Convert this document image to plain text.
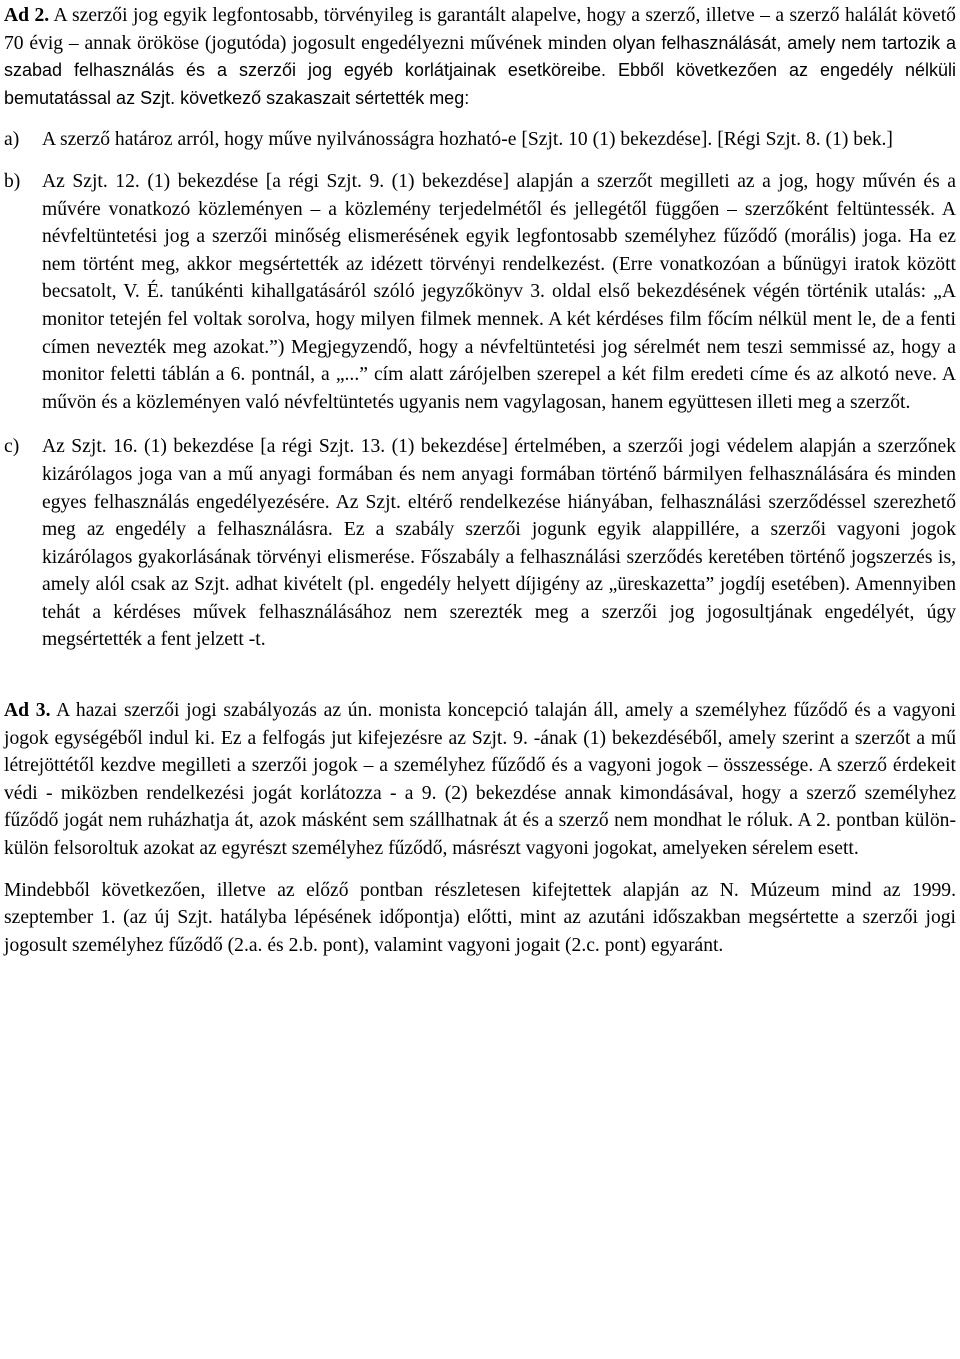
Ad 2. A szerzői jog egyik legfontosabb, törvényileg is garantált alapelve, hogy a szerző, illetve – a szerző halálát követő 70 évig – annak örököse (jogutóda) jogosult engedélyezni művének minden olyan felhasználását, amely nem tartozik a szabad felhasználás és a szerzői jog egyéb korlátjainak esetköreibe. Ebből következően az engedély nélküli bemutatással az Szjt. következő szakaszait sértették meg:

a)	A szerző határoz arról, hogy műve nyilvánosságra hozható-e [Szjt. 10 (1) bekezdése]. [Régi Szjt. 8. (1) bek.]
b)	Az Szjt. 12. (1) bekezdése [a régi Szjt. 9. (1) bekezdése] alapján a szerzőt megilleti az a jog, hogy művén és a művére vonatkozó közleményen – a közlemény terjedelmétől és jellegétől függően – szerzőként feltüntessék. A névfeltüntetési jog a szerzői minőség elismerésének egyik legfontosabb személyhez fűződő (morális) joga. Ha ez nem történt meg, akkor megsértették az idézett törvényi rendelkezést. (Erre vonatkozóan a bűnügyi iratok között becsatolt, V. É. tanúkénti kihallgatásáról szóló jegyzőkönyv 3. oldal első bekezdésének végén történik utalás: „A monitor tetején fel voltak sorolva, hogy milyen filmek mennek. A két kérdéses film főcím nélkül ment le, de a fenti címen nevezték meg azokat.”) Megjegyzendő, hogy a névfeltüntetési jog sérelmét nem teszi semmissé az, hogy a monitor feletti táblán a 6. pontnál, a „...” cím alatt zárójelben szerepel a két film eredeti címe és az alkotó neve. A művön és a közleményen való névfeltüntetés ugyanis nem vagylagosan, hanem együttesen illeti meg a szerzőt.
c)	Az Szjt. 16. (1) bekezdése [a régi Szjt. 13. (1) bekezdése] értelmében, a szerzői jogi védelem alapján a szerzőnek kizárólagos joga van a mű anyagi formában és nem anyagi formában történő bármilyen felhasználására és minden egyes felhasználás engedélyezésére. Az Szjt. eltérő rendelkezése hiányában, felhasználási szerződéssel szerezhető meg az engedély a felhasználásra. Ez a szabály szerzői jogunk egyik alappillére, a szerzői vagyoni jogok kizárólagos gyakorlásának törvényi elismerése. Főszabály a felhasználási szerződés keretében történő jogszerzés is, amely alól csak az Szjt. adhat kivételt (pl. engedély helyett díjigény az „üreskazetta” jogdíj esetében). Amennyiben tehát a kérdéses művek felhasználásához nem szerezték meg a szerzői jog jogosultjának engedélyét, úgy megsértették a fent jelzett -t.

Ad 3. A hazai szerzői jogi szabályozás az ún. monista koncepció talaján áll, amely a személyhez fűződő és a vagyoni jogok egységéből indul ki. Ez a felfogás jut kifejezésre az Szjt. 9. -ának (1) bekezdéséből, amely szerint a szerzőt a mű létrejöttétől kezdve megilleti a szerzői jogok – a személyhez fűződő és a vagyoni jogok – összessége. A szerző érdekeit védi - miközben rendelkezési jogát korlátozza - a 9. (2) bekezdése annak kimondásával, hogy a szerző személyhez fűződő jogát nem ruházhatja át, azok másként sem szállhatnak át és a szerző nem mondhat le róluk. A 2. pontban külön-külön felsoroltuk azokat az egyrészt személyhez fűződő, másrészt vagyoni jogokat, amelyeken sérelem esett.

Mindebből következően, illetve az előző pontban részletesen kifejtettek alapján az N. Múzeum mind az 1999. szeptember 1. (az új Szjt. hatályba lépésének időpontja) előtti, mint az azutáni időszakban megsértette a szerzői jogi jogosult személyhez fűződő (2.a. és 2.b. pont), valamint vagyoni jogait (2.c. pont) egyaránt.
